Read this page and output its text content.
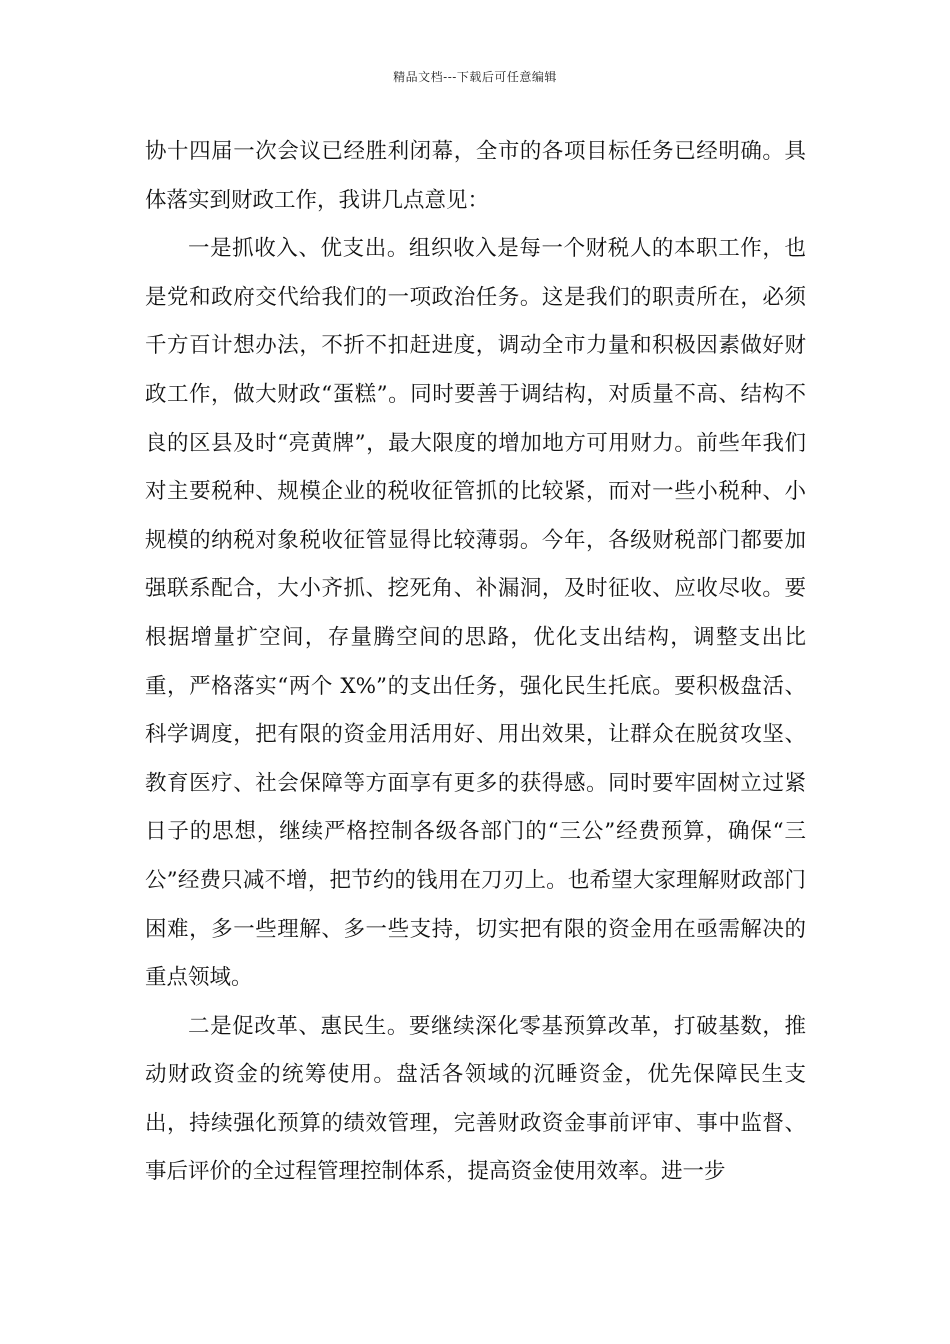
精品文档---下载后可任意编辑

协十四届一次会议已经胜利闭幕，全市的各项目标任务已经明确。具体落实到财政工作，我讲几点意见：

一是抓收入、优支出。组织收入是每一个财税人的本职工作，也是党和政府交代给我们的一项政治任务。这是我们的职责所在，必须千方百计想办法，不折不扣赶进度，调动全市力量和积极因素做好财政工作，做大财政“蛋糕”。同时要善于调结构，对质量不高、结构不良的区县及时“亮黄牌”，最大限度的增加地方可用财力。前些年我们对主要税种、规模企业的税收征管抓的比较紧，而对一些小税种、小规模的纳税对象税收征管显得比较薄弱。今年，各级财税部门都要加强联系配合，大小齐抓、挖死角、补漏洞，及时征收、应收尽收。要根据增量扩空间，存量腾空间的思路，优化支出结构，调整支出比重，严格落实“两个 X%”的支出任务，强化民生托底。要积极盘活、科学调度，把有限的资金用活用好、用出效果，让群众在脱贫攻坚、教育医疗、社会保障等方面享有更多的获得感。同时要牢固树立过紧日子的思想，继续严格控制各级各部门的“三公”经费预算，确保“三公”经费只减不增，把节约的钱用在刀刃上。也希望大家理解财政部门困难，多一些理解、多一些支持，切实把有限的资金用在亟需解决的重点领域。

二是促改革、惠民生。要继续深化零基预算改革，打破基数，推动财政资金的统筹使用。盘活各领域的沉睡资金，优先保障民生支出，持续强化预算的绩效管理，完善财政资金事前评审、事中监督、事后评价的全过程管理控制体系，提高资金使用效率。进一步
